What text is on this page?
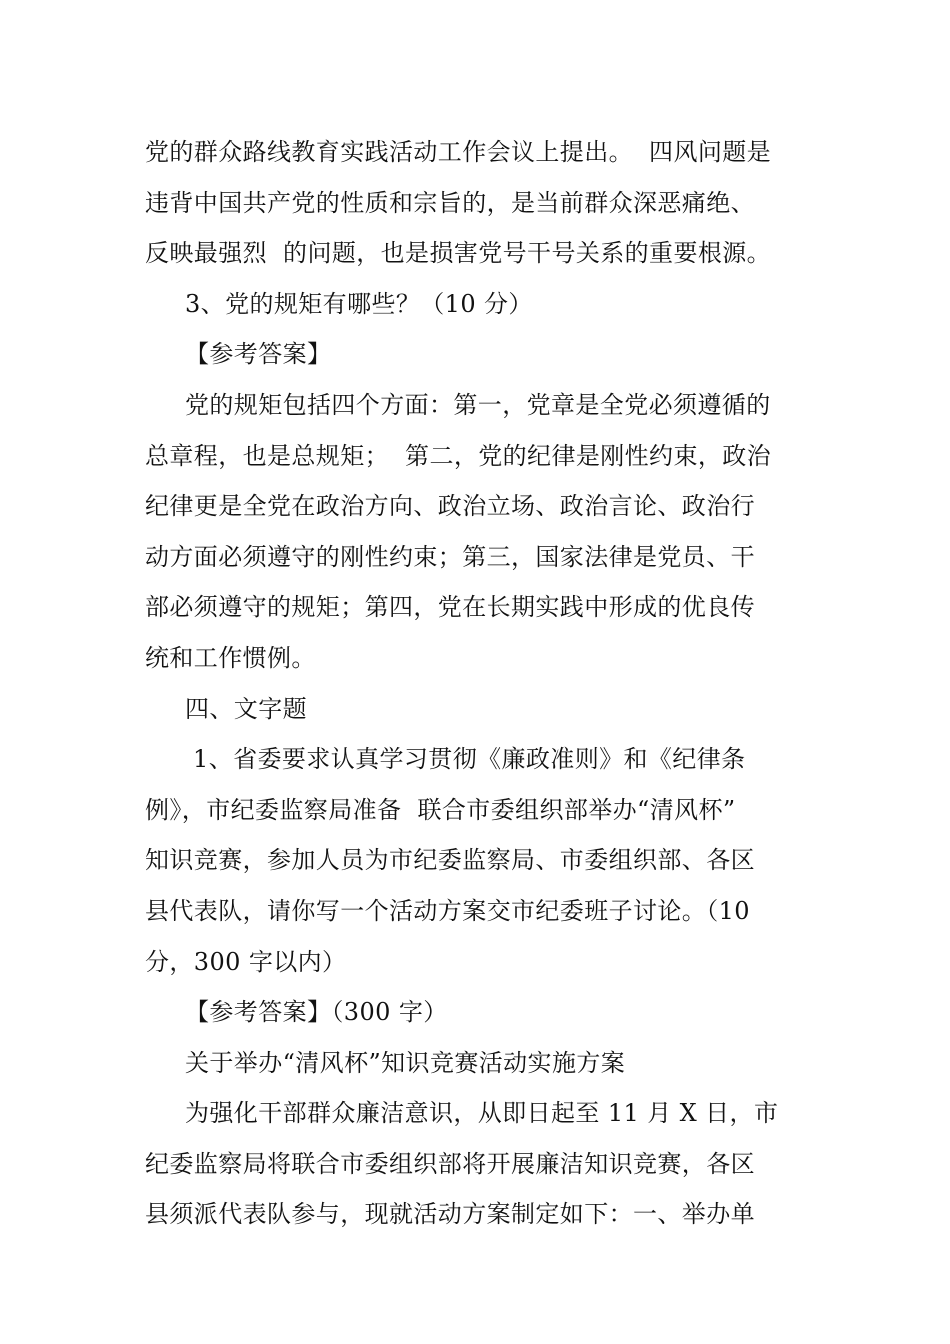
党的群众路线教育实践活动工作会议上提出。  四风问题是
违背中国共产党的性质和宗旨的，是当前群众深恶痛绝、
反映最强烈  的问题，也是损害党号干号关系的重要根源。
3、党的规矩有哪些？（10 分）
【参考答案】
党的规矩包括四个方面：第一，党章是全党必须遵循的
总章程，也是总规矩；  第二，党的纪律是刚性约束，政治
纪律更是全党在政治方向、政治立场、政治言论、政治行
动方面必须遵守的刚性约束；第三，国家法律是党员、干
部必须遵守的规矩；第四，党在长期实践中形成的优良传
统和工作惯例。
四、文字题
1、省委要求认真学习贯彻《廉政准则》和《纪律条
例》，市纪委监察局准备  联合市委组织部举办“清风杯”
知识竞赛，参加人员为市纪委监察局、市委组织部、各区
县代表队，请你写一个活动方案交市纪委班子讨论。（10
分，300 字以内）
【参考答案】（300 字）
关于举办“清风杯”知识竞赛活动实施方案
为强化干部群众廉洁意识，从即日起至 11 月 X 日，市
纪委监察局将联合市委组织部将开展廉洁知识竞赛，各区
县须派代表队参与，现就活动方案制定如下：一、举办单
